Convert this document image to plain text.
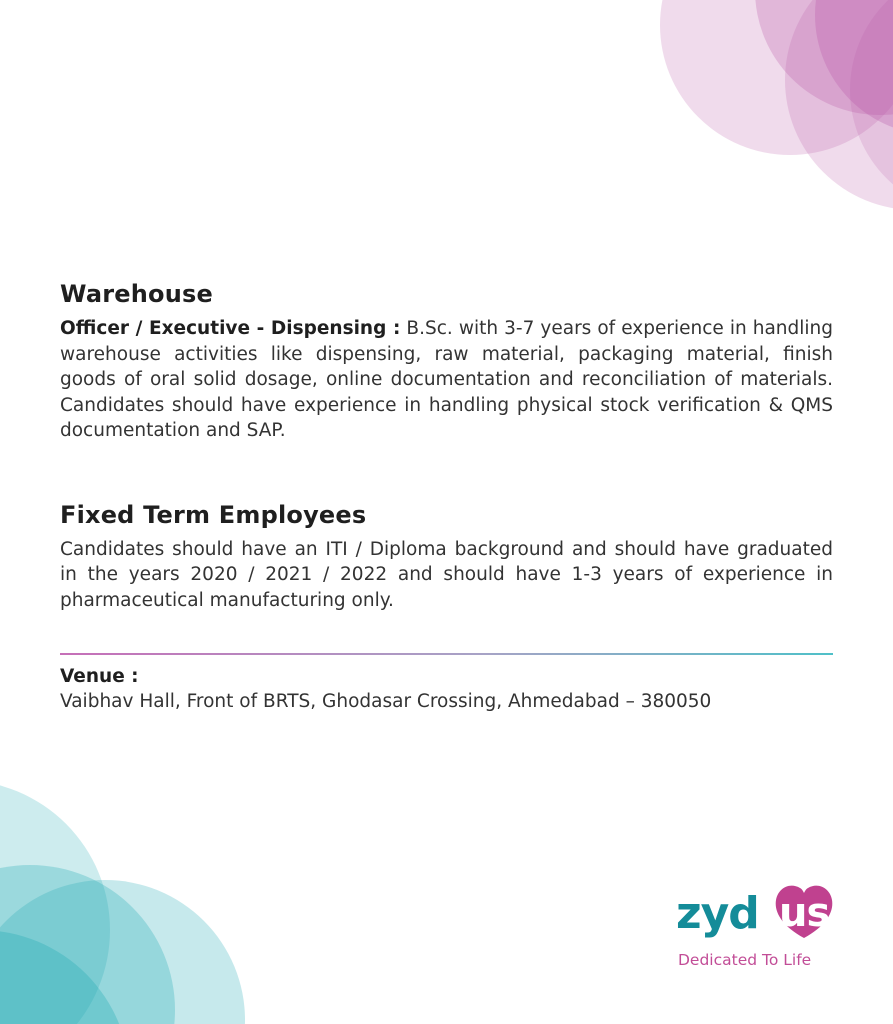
Warehouse

Officer / Executive - Dispensing : B.Sc. with 3-7 years of experience in handling warehouse activities like dispensing, raw material, packaging material, finish goods of oral solid dosage, online documentation and reconciliation of materials. Candidates should have experience in handling physical stock verification & QMS documentation and SAP.

Fixed Term Employees

Candidates should have an ITI / Diploma background and should have graduated in the years 2020 / 2021 / 2022 and should have 1-3 years of experience in pharmaceutical manufacturing only.

Venue :
Vaibhav Hall, Front of BRTS, Ghodasar Crossing, Ahmedabad – 380050
zyd us
Dedicated To Life
